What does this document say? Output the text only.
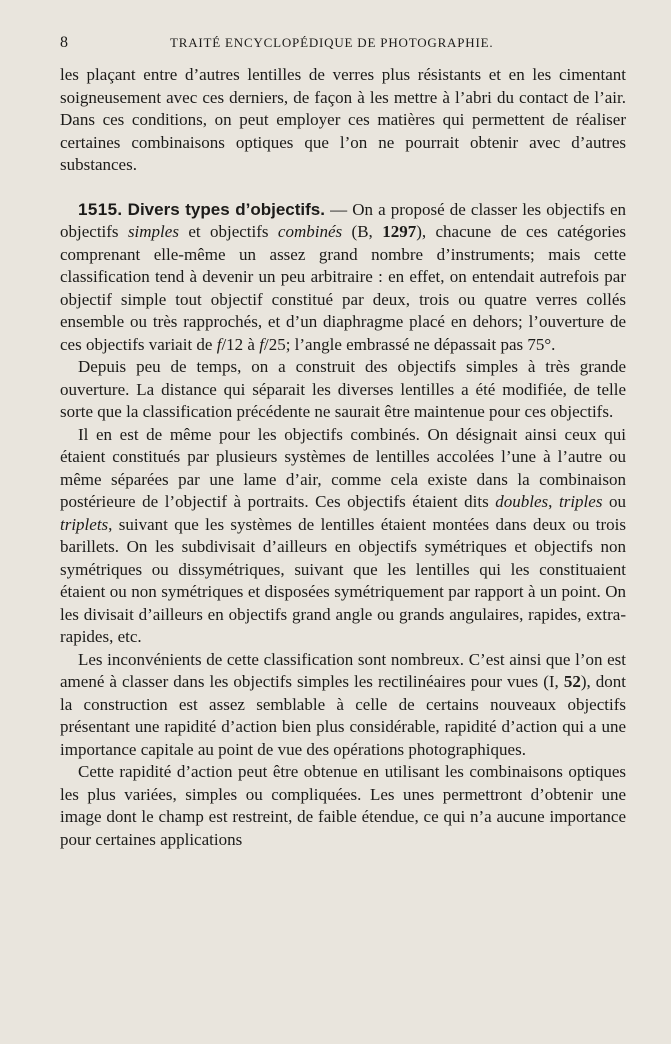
8	TRAITÉ ENCYCLOPÉDIQUE DE PHOTOGRAPHIE.

les plaçant entre d’autres lentilles de verres plus résistants et en les cimentant soigneusement avec ces derniers, de façon à les mettre à l’abri du contact de l’air. Dans ces conditions, on peut employer ces matières qui permettent de réaliser certaines combinaisons optiques que l’on ne pourrait obtenir avec d’autres substances.

1515. Divers types d’objectifs. — On a proposé de classer les objectifs en objectifs simples et objectifs combinés (B, 1297), chacune de ces catégories comprenant elle-même un assez grand nombre d’instruments; mais cette classification tend à devenir un peu arbitraire : en effet, on entendait autrefois par objectif simple tout objectif constitué par deux, trois ou quatre verres collés ensemble ou très rapprochés, et d’un diaphragme placé en dehors; l’ouverture de ces objectifs variait de f/12 à f/25; l’angle embrassé ne dépassait pas 75°.

Depuis peu de temps, on a construit des objectifs simples à très grande ouverture. La distance qui séparait les diverses lentilles a été modifiée, de telle sorte que la classification précédente ne saurait être maintenue pour ces objectifs.

Il en est de même pour les objectifs combinés. On désignait ainsi ceux qui étaient constitués par plusieurs systèmes de lentilles accolées l’une à l’autre ou même séparées par une lame d’air, comme cela existe dans la combinaison postérieure de l’objectif à portraits. Ces objectifs étaient dits doubles, triples ou triplets, suivant que les systèmes de lentilles étaient montées dans deux ou trois barillets. On les subdivisait d’ailleurs en objectifs symétriques et objectifs non symétriques ou dissymétriques, suivant que les lentilles qui les constituaient étaient ou non symétriques et disposées symétriquement par rapport à un point. On les divisait d’ailleurs en objectifs grand angle ou grands angulaires, rapides, extra-rapides, etc.

Les inconvénients de cette classification sont nombreux. C’est ainsi que l’on est amené à classer dans les objectifs simples les rectilinéaires pour vues (I, 52), dont la construction est assez semblable à celle de certains nouveaux objectifs présentant une rapidité d’action bien plus considérable, rapidité d’action qui a une importance capitale au point de vue des opérations photographiques.

Cette rapidité d’action peut être obtenue en utilisant les combinaisons optiques les plus variées, simples ou compliquées. Les unes permettront d’obtenir une image dont le champ est restreint, de faible étendue, ce qui n’a aucune importance pour certaines applications
